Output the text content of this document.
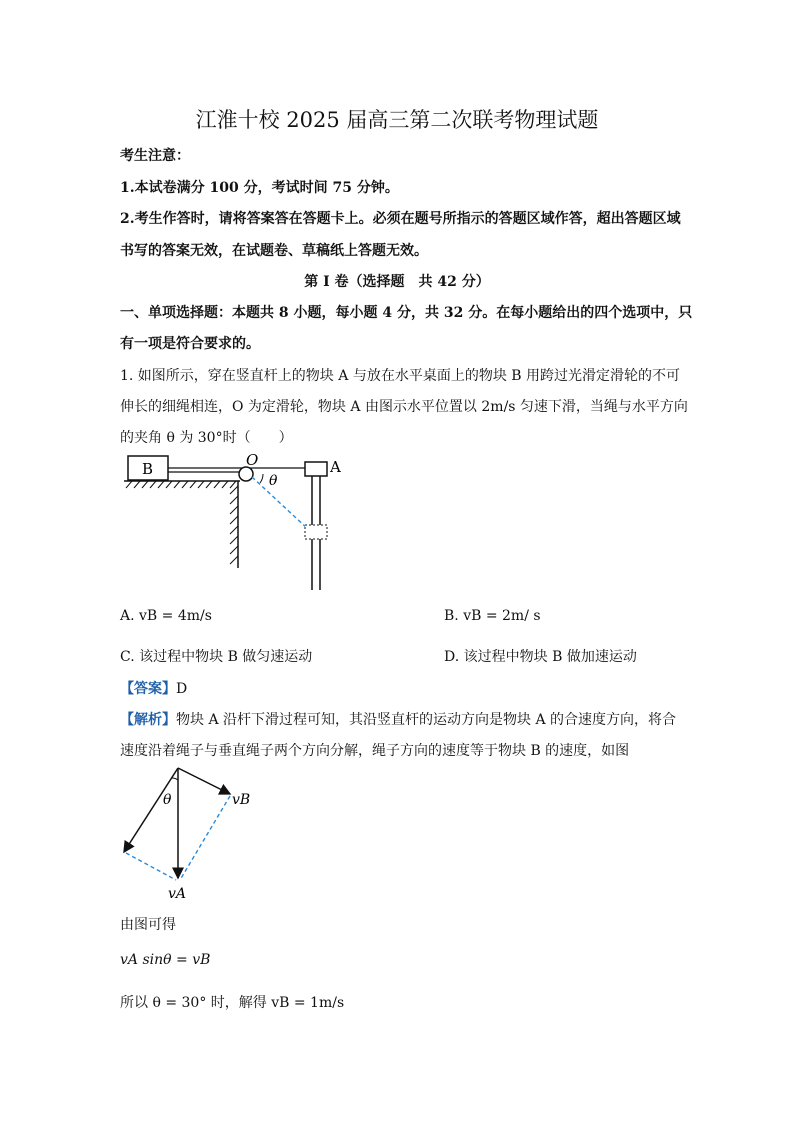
江淮十校 2025 届高三第二次联考物理试题
考生注意：
1.本试卷满分 100 分，考试时间 75 分钟。
2.考生作答时，请将答案答在答题卡上。必须在题号所指示的答题区域作答，超出答题区域
书写的答案无效，在试题卷、草稿纸上答题无效。
第 I 卷（选择题　共 42 分）
一、单项选择题：本题共 8 小题，每小题 4 分，共 32 分。在每小题给出的四个选项中，只
有一项是符合要求的。
1. 如图所示，穿在竖直杆上的物块 A 与放在水平桌面上的物块 B 用跨过光滑定滑轮的不可
伸长的细绳相连，O 为定滑轮，物块 A 由图示水平位置以 2m/s 匀速下滑，当绳与水平方向
的夹角 θ 为 30°时（　　）
B	O
θ
A
A. vB = 4m/s	B. vB = 2m/ s
C. 该过程中物块 B 做匀速运动	D. 该过程中物块 B 做加速运动
【答案】D
【解析】物块 A 沿杆下滑过程可知，其沿竖直杆的运动方向是物块 A 的合速度方向，将合
速度沿着绳子与垂直绳子两个方向分解，绳子方向的速度等于物块 B 的速度，如图
θ	vB
vA
由图可得
vA sinθ = vB
所以 θ = 30° 时，解得 vB = 1m/s
